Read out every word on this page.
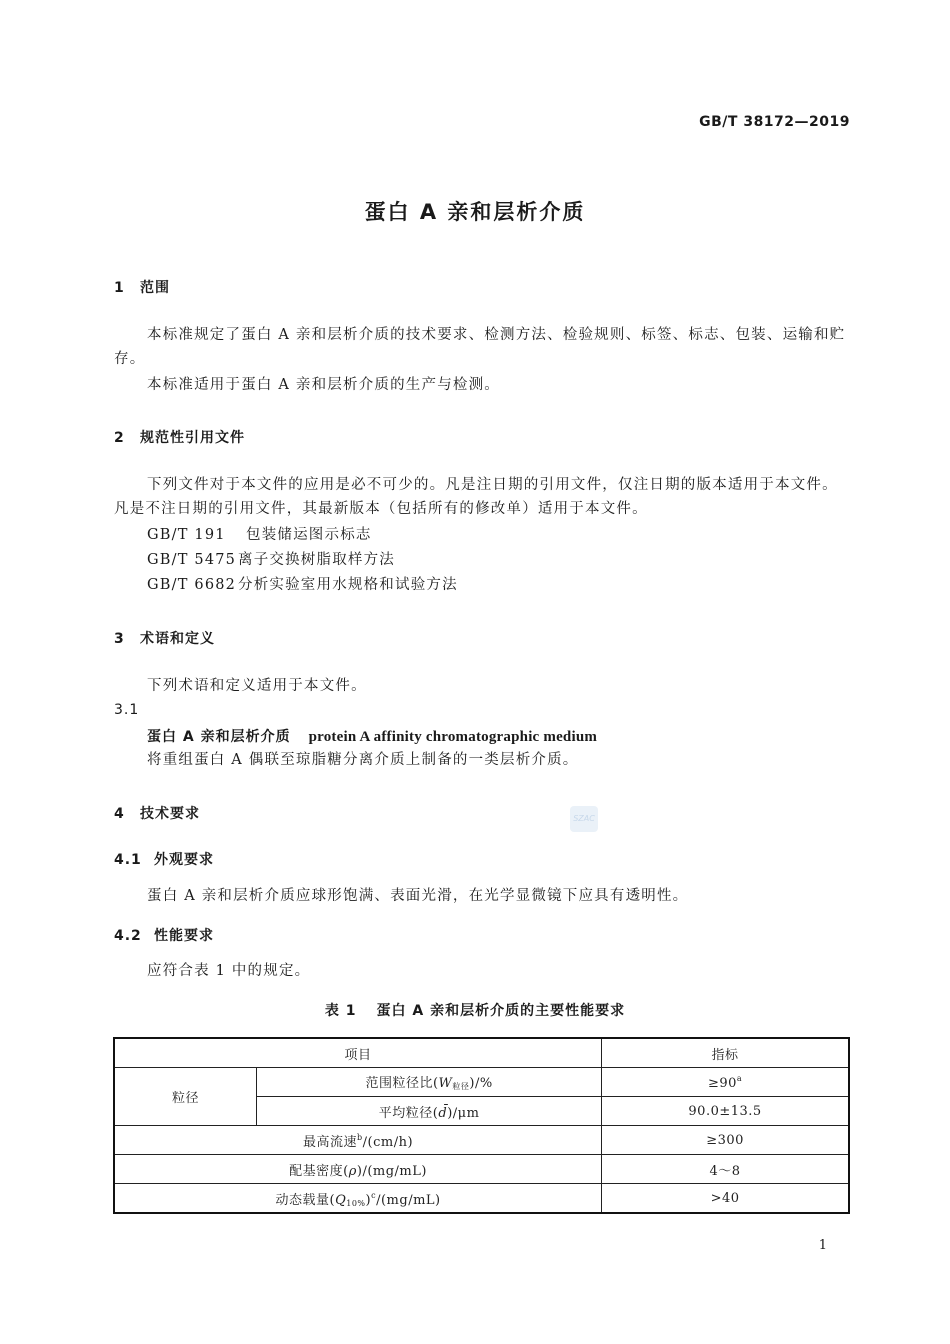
GB/T 38172—2019
蛋白 A 亲和层析介质
1 范围
本标准规定了蛋白 A 亲和层析介质的技术要求、检测方法、检验规则、标签、标志、包装、运输和贮存。
本标准适用于蛋白 A 亲和层析介质的生产与检测。
2 规范性引用文件
下列文件对于本文件的应用是必不可少的。凡是注日期的引用文件，仅注日期的版本适用于本文件。凡是不注日期的引用文件，其最新版本（包括所有的修改单）适用于本文件。
GB/T 191 包装储运图示标志
GB/T 5475 离子交换树脂取样方法
GB/T 6682 分析实验室用水规格和试验方法
3 术语和定义
下列术语和定义适用于本文件。
3.1
蛋白 A 亲和层析介质 protein A affinity chromatographic medium
将重组蛋白 A 偶联至琼脂糖分离介质上制备的一类层析介质。
4 技术要求	SZAC
4.1 外观要求
蛋白 A 亲和层析介质应球形饱满、表面光滑，在光学显微镜下应具有透明性。
4.2 性能要求
应符合表 1 中的规定。
表 1 蛋白 A 亲和层析介质的主要性能要求
项目		指标
粒径	范围粒径比$(W_{粒径})/\%$	$\ge 90^a$
	平均粒径(d̄)/μm	90.0±13.5
最高流速$^b$/(cm/h)		≥300
配基密度(ρ)/(mg/mL)		4～8
动态载量$(Q_{10\%})^c/(mg/mL)$		>40
1
